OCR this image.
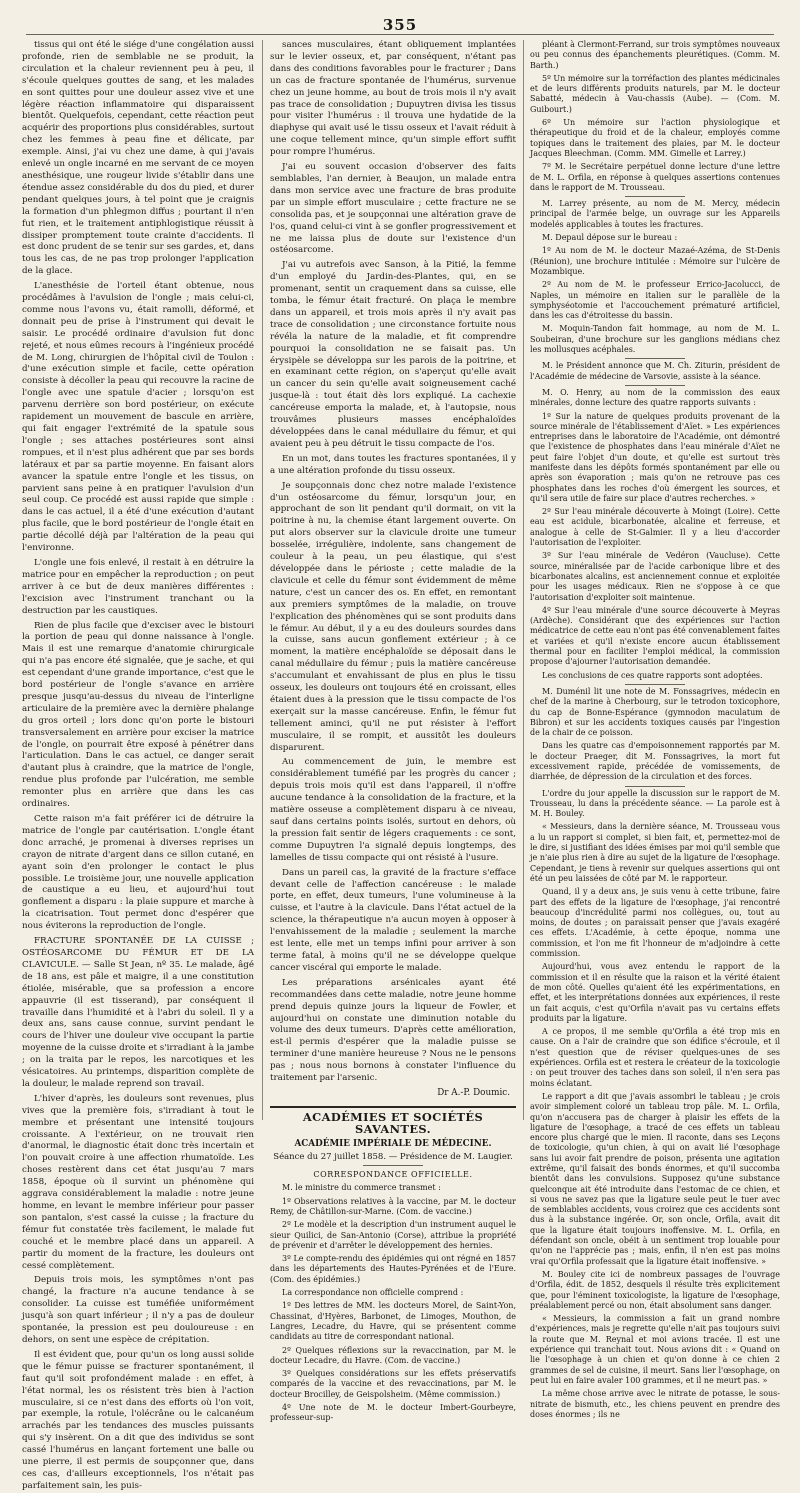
355

tissus qui ont été le siége d'une congélation aussi profonde, rien de semblable ne se produit, la circulation et la chaleur reviennent peu à peu, il s'écoule quelques gouttes de sang, et les malades en sont quittes pour une douleur assez vive et une légère réaction inflammatoire qui disparaissent bientôt. Quelquefois, cependant, cette réaction peut acquérir des proportions plus considérables, surtout chez les femmes à peau fine et délicate, par exemple. Ainsi, j'ai vu chez une dame, à qui j'avais enlevé un ongle incarné en me servant de ce moyen anesthésique, une rougeur livide s'établir dans une étendue assez considérable du dos du pied, et durer pendant quelques jours, à tel point que je craignis la formation d'un phlegmon diffus ; pourtant il n'en fut rien, et le traitement antiphlogistique réussit à dissiper promptement toute crainte d'accidents. Il est donc prudent de se tenir sur ses gardes, et, dans tous les cas, de ne pas trop prolonger l'application de la glace.

L'anesthésie de l'orteil étant obtenue, nous procédâmes à l'avulsion de l'ongle ; mais celui-ci, comme nous l'avons vu, était ramolli, déformé, et donnait peu de prise à l'instrument qui devait le saisir. Le procédé ordinaire d'avulsion fut donc rejeté, et nous eûmes recours à l'ingénieux procédé de M. Long, chirurgien de l'hôpital civil de Toulon : d'une exécution simple et facile, cette opération consiste à décoller la peau qui recouvre la racine de l'ongle avec une spatule d'acier ; lorsqu'on est parvenu derrière son bord postérieur, on exécute rapidement un mouvement de bascule en arrière, qui fait engager l'extrémité de la spatule sous l'ongle ; ses attaches postérieures sont ainsi rompues, et il n'est plus adhérent que par ses bords latéraux et par sa partie moyenne. En faisant alors avancer la spatule entre l'ongle et les tissus, on parvient sans peine à en pratiquer l'avulsion d'un seul coup. Ce procédé est aussi rapide que simple : dans le cas actuel, il a été d'une exécution d'autant plus facile, que le bord postérieur de l'ongle était en partie décollé déjà par l'altération de la peau qui l'environne.

L'ongle une fois enlevé, il restait à en détruire la matrice pour en empêcher la reproduction ; on peut arriver à ce but de deux manières différentes : l'excision avec l'instrument tranchant ou la destruction par les caustiques.

Rien de plus facile que d'exciser avec le bistouri la portion de peau qui donne naissance à l'ongle. Mais il est une remarque d'anatomie chirurgicale qui n'a pas encore été signalée, que je sache, et qui est cependant d'une grande importance, c'est que le bord postérieur de l'ongle s'avance en arrière presque jusqu'au-dessus du niveau de l'interligne articulaire de la première avec la dernière phalange du gros orteil ; lors donc qu'on porte le bistouri transversalement en arrière pour exciser la matrice de l'ongle, on pourrait être exposé à pénétrer dans l'articulation. Dans le cas actuel, ce danger serait d'autant plus à craindre, que la matrice de l'ongle, rendue plus profonde par l'ulcération, me semble remonter plus en arrière que dans les cas ordinaires.

Cette raison m'a fait préférer ici de détruire la matrice de l'ongle par cautérisation. L'ongle étant donc arraché, je promenai à diverses reprises un crayon de nitrate d'argent dans ce sillon cutané, en ayant soin d'en prolonger le contact le plus possible. Le troisième jour, une nouvelle application de caustique a eu lieu, et aujourd'hui tout gonflement a disparu : la plaie suppure et marche à la cicatrisation. Tout permet donc d'espérer que nous éviterons la reproduction de l'ongle.

FRACTURE SPONTANÉE DE LA CUISSE ; OSTÉOSARCOME DU FÉMUR ET DE LA CLAVICULE. — Salle St Jean, nº 35. Le malade, âgé de 18 ans, est pâle et maigre, il a une constitution étiolée, misérable, que sa profession a encore appauvrie (il est tisserand), par conséquent il travaille dans l'humidité et à l'abri du soleil. Il y a deux ans, sans cause connue, survint pendant le cours de l'hiver une douleur vive occupant la partie moyenne de la cuisse droite et s'irradiant à la jambe ; on la traita par le repos, les narcotiques et les vésicatoires. Au printemps, disparition complète de la douleur, le malade reprend son travail.

L'hiver d'après, les douleurs sont revenues, plus vives que la première fois, s'irradiant à tout le membre et présentant une intensité toujours croissante. A l'extérieur, on ne trouvait rien d'anormal, le diagnostic était donc très incertain et l'on pouvait croire à une affection rhumatoïde. Les choses restèrent dans cet état jusqu'au 7 mars 1858, époque où il survint un phénomène qui aggrava considérablement la maladie : notre jeune homme, en levant le membre inférieur pour passer son pantalon, s'est cassé la cuisse ; la fracture du fémur fut constatée très facilement, le malade fut couché et le membre placé dans un appareil. A partir du moment de la fracture, les douleurs ont cessé complètement.

Depuis trois mois, les symptômes n'ont pas changé, la fracture n'a aucune tendance à se consolider. La cuisse est tuméfiée uniformément jusqu'à son quart inférieur ; il n'y a pas de douleur spontanée, la pression est peu douloureuse : en dehors, on sent une espèce de crépitation.

Il est évident que, pour qu'un os long aussi solide que le fémur puisse se fracturer spontanément, il faut qu'il soit profondément malade : en effet, à l'état normal, les os résistent très bien à l'action musculaire, si ce n'est dans des efforts où l'on voit, par exemple, la rotule, l'olécrâne ou le calcanéum arrachés par les tendances des muscles puissants qui s'y insèrent. On a dit que des individus se sont cassé l'humérus en lançant fortement une balle ou une pierre, il est permis de soupçonner que, dans ces cas, d'ailleurs exceptionnels, l'os n'était pas parfaitement sain, les puis-

sances musculaires, étant obliquement implantées sur le levier osseux, et, par conséquent, n'étant pas dans des conditions favorables pour le fracturer ; Dans un cas de fracture spontanée de l'humérus, survenue chez un jeune homme, au bout de trois mois il n'y avait pas trace de consolidation ; Dupuytren divisa les tissus pour visiter l'humérus : il trouva une hydatide de la diaphyse qui avait usé le tissu osseux et l'avait réduit à une coque tellement mince, qu'un simple effort suffit pour rompre l'humérus.

J'ai eu souvent occasion d'observer des faits semblables, l'an dernier, à Beaujon, un malade entra dans mon service avec une fracture de bras produite par un simple effort musculaire ; cette fracture ne se consolida pas, et je soupçonnai une altération grave de l'os, quand celui-ci vint à se gonfler progressivement et ne me laissa plus de doute sur l'existence d'un ostéosarcome.

J'ai vu autrefois avec Sanson, à la Pitié, la femme d'un employé du Jardin-des-Plantes, qui, en se promenant, sentit un craquement dans sa cuisse, elle tomba, le fémur était fracturé. On plaça le membre dans un appareil, et trois mois après il n'y avait pas trace de consolidation ; une circonstance fortuite nous révéla la nature de la maladie, et fit comprendre pourquoi la consolidation ne se faisait pas. Un érysipèle se développa sur les parois de la poitrine, et en examinant cette région, on s'aperçut qu'elle avait un cancer du sein qu'elle avait soigneusement caché jusque-là : tout était dès lors expliqué. La cachexie cancéreuse emporta la malade, et, à l'autopsie, nous trouvâmes plusieurs masses encéphaloïdes développées dans le canal médullaire du fémur, et qui avaient peu à peu détruit le tissu compacte de l'os.

En un mot, dans toutes les fractures spontanées, il y a une altération profonde du tissu osseux.

Je soupçonnais donc chez notre malade l'existence d'un ostéosarcome du fémur, lorsqu'un jour, en approchant de son lit pendant qu'il dormait, on vit la poitrine à nu, la chemise étant largement ouverte. On put alors observer sur la clavicule droite une tumeur bosselée, irrégulière, indolente, sans changement de couleur à la peau, un peu élastique, qui s'est développée dans le périoste ; cette maladie de la clavicule et celle du fémur sont évidemment de même nature, c'est un cancer des os. En effet, en remontant aux premiers symptômes de la maladie, on trouve l'explication des phénomènes qui se sont produits dans le fémur. Au début, il y a eu des douleurs sourdes dans la cuisse, sans aucun gonflement extérieur ; à ce moment, la matière encéphaloïde se déposait dans le canal médullaire du fémur ; puis la matière cancéreuse s'accumulant et envahissant de plus en plus le tissu osseux, les douleurs ont toujours été en croissant, elles étaient dues à la pression que le tissu compacte de l'os exerçait sur la masse cancéreuse. Enfin, le fémur fut tellement aminci, qu'il ne put résister à l'effort musculaire, il se rompit, et aussitôt les douleurs disparurent.

Au commencement de juin, le membre est considérablement tuméfié par les progrès du cancer ; depuis trois mois qu'il est dans l'appareil, il n'offre aucune tendance à la consolidation de la fracture, et la matière osseuse a complètement disparu à ce niveau, sauf dans certains points isolés, surtout en dehors, où la pression fait sentir de légers craquements : ce sont, comme Dupuytren l'a signalé depuis longtemps, des lamelles de tissu compacte qui ont résisté à l'usure.

Dans un pareil cas, la gravité de la fracture s'efface devant celle de l'affection cancéreuse : le malade porte, en effet, deux tumeurs, l'une volumineuse à la cuisse, et l'autre à la clavicule. Dans l'état actuel de la science, la thérapeutique n'a aucun moyen à opposer à l'envahissement de la maladie ; seulement la marche est lente, elle met un temps infini pour arriver à son terme fatal, à moins qu'il ne se développe quelque cancer viscéral qui emporte le malade.

Les préparations arsénicales ayant été recommandées dans cette maladie, notre jeune homme prend depuis quinze jours la liqueur de Fowler, et aujourd'hui on constate une diminution notable du volume des deux tumeurs. D'après cette amélioration, est-il permis d'espérer que la maladie puisse se terminer d'une manière heureuse ? Nous ne le pensons pas ; nous nous bornons à constater l'influence du traitement par l'arsenic.

Dr A.-P. Doumic.
ACADÉMIES ET SOCIÉTÉS SAVANTES.
ACADÉMIE IMPÉRIALE DE MÉDECINE.
Séance du 27 juillet 1858. — Présidence de M. Laugier.
CORRESPONDANCE OFFICIELLE.

M. le ministre du commerce transmet :

1º Observations relatives à la vaccine, par M. le docteur Remy, de Châtillon-sur-Marne. (Com. de vaccine.)

2º Le modèle et la description d'un instrument auquel le sieur Quilici, de San-Antonio (Corse), attribue la propriété de prévenir et d'arrêter le développement des hernies.

3º Le compte-rendu des épidémies qui ont régné en 1857 dans les départements des Hautes-Pyrénées et de l'Eure. (Com. des épidémies.)

La correspondance non officielle comprend :

1º Des lettres de MM. les docteurs Morel, de Saint-Yon, Chassinat, d'Hyères, Barbonet, de Limoges, Mouthon, de Langres, Lecadre, du Havre, qui se présentent comme candidats au titre de correspondant national.

2º Quelques réflexions sur la revaccination, par M. le docteur Lecadre, du Havre. (Com. de vaccine.)

3º Quelques considérations sur les effets préservatifs comparés de la vaccine et des revaccinations, par M. le docteur Brocilley, de Geispolsheim. (Même commission.)

4º Une note de M. le docteur Imbert-Gourbeyre, professeur-sup-

pléant à Clermont-Ferrand, sur trois symptômes nouveaux ou peu connus des épanchements pleurétiques. (Comm. M. Barth.)

5º Un mémoire sur la torréfaction des plantes médicinales et de leurs différents produits naturels, par M. le docteur Sabatté, médecin à Vau-chassis (Aube). — (Com. M. Guibourt.)

6º Un mémoire sur l'action physiologique et thérapeutique du froid et de la chaleur, employés comme topiques dans le traitement des plaies, par M. le docteur Jacques Bleechman. (Comm. MM. Gimelle et Larrey.)

7º M. le Secrétaire perpétuel donne lecture d'une lettre de M. L. Orfila, en réponse à quelques assertions contenues dans le rapport de M. Trousseau.

M. Larrey présente, au nom de M. Mercy, médecin principal de l'armée belge, un ouvrage sur les Appareils modelés applicables à toutes les fractures.

M. Depaul dépose sur le bureau :

1º Au nom de M. le docteur Mazaé-Azéma, de St-Denis (Réunion), une brochure intitulée : Mémoire sur l'ulcère de Mozambique.

2º Au nom de M. le professeur Errico-Jacolucci, de Naples, un mémoire en italien sur le parallèle de la symphyséotomie et l'accouchement prématuré artificiel, dans les cas d'étroitesse du bassin.

M. Moquin-Tandon fait hommage, au nom de M. L. Soubeiran, d'une brochure sur les ganglions médians chez les mollusques acéphales.

M. le Président annonce que M. Ch. Ziturin, président de l'Académie de médecine de Varsovie, assiste à la séance.

M. O. Henry, au nom de la commission des eaux minérales, donne lecture des quatre rapports suivants :

1º Sur la nature de quelques produits provenant de la source minérale de l'établissement d'Aïet. » Les expériences entreprises dans le laboratoire de l'Académie, ont démontré que l'existence de phosphates dans l'eau minérale d'Aïet ne peut faire l'objet d'un doute, et qu'elle est surtout très manifeste dans les dépôts formés spontanément par elle ou après son évaporation ; mais qu'on ne retrouve pas ces phosphates dans les roches d'où émergent les sources, et qu'il sera utile de faire sur place d'autres recherches. »

2º Sur l'eau minérale découverte à Moingt (Loire). Cette eau est acidule, bicarbonatée, alcaline et ferreuse, et analogue à celle de St-Galmier. Il y a lieu d'accorder l'autorisation de l'exploiter.

3º Sur l'eau minérale de Vedéron (Vaucluse). Cette source, minéralisée par de l'acide carbonique libre et des bicarbonates alcalins, est anciennement connue et exploitée pour les usages médicaux. Rien ne s'oppose à ce que l'autorisation d'exploiter soit maintenue.

4º Sur l'eau minérale d'une source découverte à Meyras (Ardèche). Considérant que des expériences sur l'action médicatrice de cette eau n'ont pas été convenablement faites et variées et qu'il n'existe encore aucun établissement thermal pour en faciliter l'emploi médical, la commission propose d'ajourner l'autorisation demandée.

Les conclusions de ces quatre rapports sont adoptées.

M. Duménil lit une note de M. Fonssagrives, médecin en chef de la marine à Cherbourg, sur le tetrodon toxicophore, du cap de Bonne-Espérance (gymnodon maculatum de Bibron) et sur les accidents toxiques causés par l'ingestion de la chair de ce poisson.

Dans les quatre cas d'empoisonnement rapportés par M. le docteur Praeger, dit M. Fonssagrives, la mort fut excessivement rapide, précédée de vomissements, de diarrhée, de dépression de la circulation et des forces.

L'ordre du jour appelle la discussion sur le rapport de M. Trousseau, lu dans la précédente séance. — La parole est à M. H. Bouley.

« Messieurs, dans la dernière séance, M. Trousseau vous a lu un rapport si complet, si bien fait, et, permettez-moi de le dire, si justifiant des idées émises par moi qu'il semble que je n'aie plus rien à dire au sujet de la ligature de l'œsophage. Cependant, je tiens à revenir sur quelques assertions qui ont été un peu laissées de côté par M. le rapporteur.

Quand, il y a deux ans, je suis venu à cette tribune, faire part des effets de la ligature de l'œsophage, j'ai rencontré beaucoup d'incrédulité parmi nos collègues, ou, tout au moins, de doutes ; on paraissait penser que j'avais exagéré ces effets. L'Académie, à cette époque, nomma une commission, et l'on me fit l'honneur de m'adjoindre à cette commission.

Aujourd'hui, vous avez entendu le rapport de la commission et il en résulte que la raison et la vérité étaient de mon côté. Quelles qu'aient été les expérimentations, en effet, et les interprétations données aux expériences, il reste un fait acquis, c'est qu'Orfila n'avait pas vu certains effets produits par la ligature.

A ce propos, il me semble qu'Orfila a été trop mis en cause. On a l'air de craindre que son édifice s'écroule, et il n'est question que de réviser quelques-unes de ses expériences. Orfila est et restera le créateur de la toxicologie : on peut trouver des taches dans son soleil, il n'en sera pas moins éclatant.

Le rapport a dit que j'avais assombri le tableau ; je crois avoir simplement coloré un tableau trop pâle. M. L. Orfila, qu'on n'accusera pas de charger à plaisir les effets de la ligature de l'œsophage, a tracé de ces effets un tableau encore plus chargé que le mien. Il raconte, dans ses Leçons de toxicologie, qu'un chien, à qui on avait lié l'œsophage sans lui avoir fait prendre de poison, présenta une agitation extrême, qu'il faisait des bonds énormes, et qu'il succomba bientôt dans les convulsions. Supposez qu'une substance quelconque ait été introduite dans l'estomac de ce chien, et si vous ne savez pas que la ligature seule peut le tuer avec de semblables accidents, vous croirez que ces accidents sont dus à la substance ingérée. Or, son oncle, Orfila, avait dit que la ligature était toujours inoffensive. M. L. Orfila, en défendant son oncle, obéit à un sentiment trop louable pour qu'on ne l'apprécie pas ; mais, enfin, il n'en est pas moins vrai qu'Orfila professait que la ligature était inoffensive. »

M. Bouley cite ici de nombreux passages de l'ouvrage d'Orfila, édit. de 1852, desquels il résulte très explicitement que, pour l'éminent toxicologiste, la ligature de l'œsophage, préalablement percé ou non, était absolument sans danger.

« Messieurs, la commission a fait un grand nombre d'expériences, mais je regrette qu'elle n'ait pas toujours suivi la route que M. Reynal et moi avions tracée. Il est une expérience qui tranchait tout. Nous avions dit : « Quand on lie l'œsophage à un chien et qu'on donne à ce chien 2 grammes de sel de cuisine, il meurt. Sans lier l'œsophage, on peut lui en faire avaler 100 grammes, et il ne meurt pas. »

La même chose arrive avec le nitrate de potasse, le sous-nitrate de bismuth, etc., les chiens peuvent en prendre des doses énormes ; ils ne
